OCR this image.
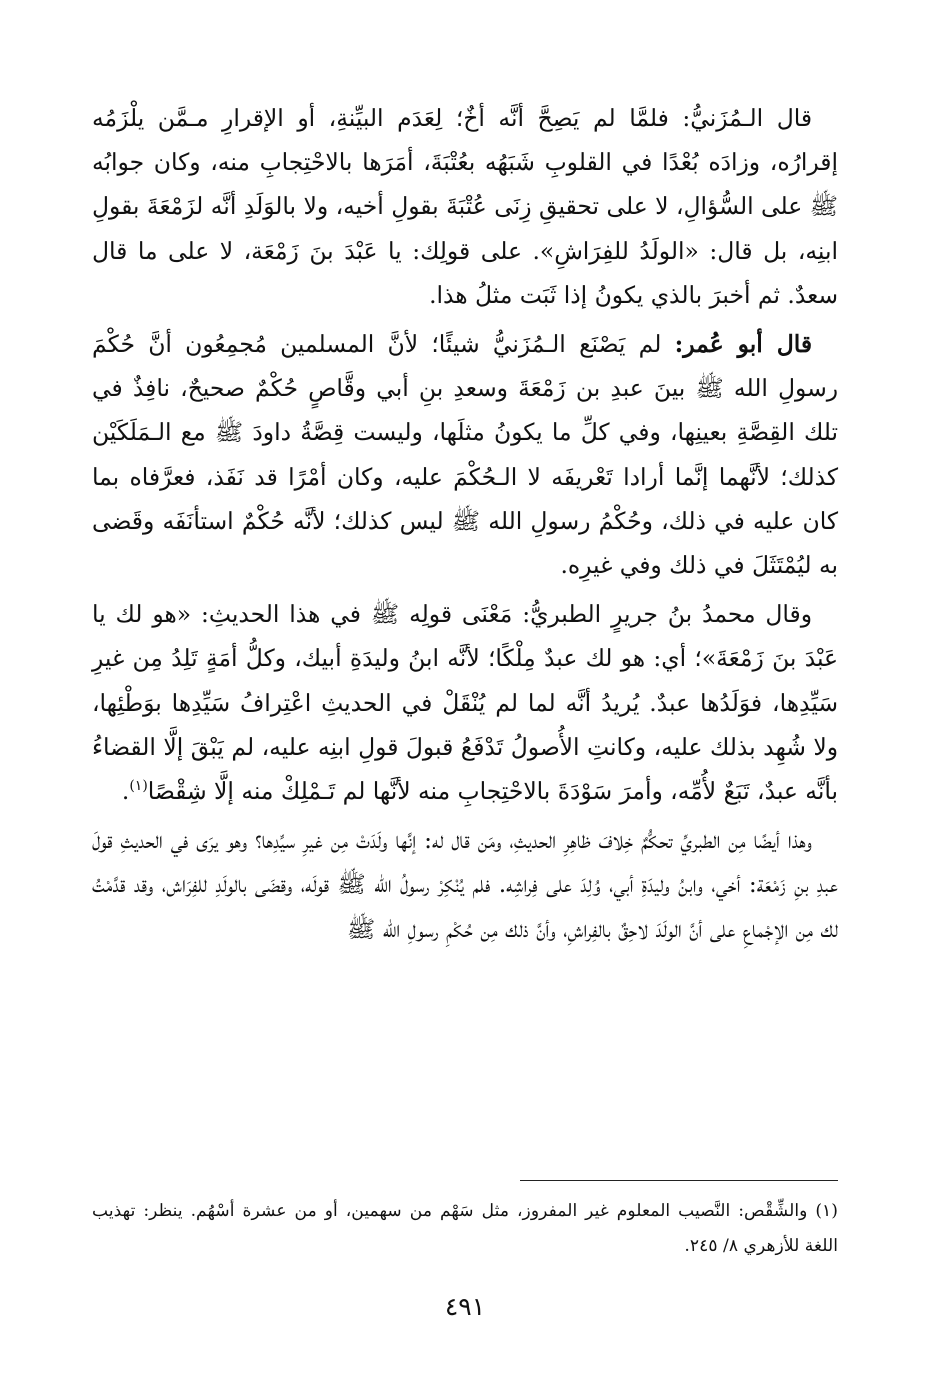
قال الـمُزَنيُّ: فلمَّا لم يَصِحَّ أنَّه أخٌ؛ لِعَدَم البيِّنةِ، أو الإقرارِ مـمَّن يلْزَمُه إقرارُه، وزادَه بُعْدًا في القلوبِ شَبَهُه بعُتْبَةَ، أمَرَها بالاحْتِجابِ منه، وكان جوابُه ﷺ على السُّؤالِ، لا على تحقيقِ زِنَى عُتْبَةَ بقولِ أخيه، ولا بالوَلَدِ أنَّه لزَمْعَةَ بقولِ ابنِه، بل قال: «الولَدُ للفِرَاشِ». على قولِك: يا عَبْدَ بنَ زَمْعَة، لا على ما قال سعدٌ. ثم أخبرَ بالذي يكونُ إذا ثَبَت مثلُ هذا.

قال أبو عُمر: لم يَصْنَع الـمُزَنيُّ شيئًا؛ لأنَّ المسلمين مُجمِعُون أنَّ حُكْمَ رسولِ الله ﷺ بينَ عبدِ بن زَمْعَةَ وسعدِ بنِ أبي وقَّاصٍ حُكْمٌ صحيحٌ، نافِذٌ في تلك القِصَّةِ بعينِها، وفي كلِّ ما يكونُ مثلَها، وليست قِصَّةُ داودَ ﷺ مع الـمَلَكَيْن كذلك؛ لأنَّهما إنَّما أرادا تَعْريفَه لا الـحُكْمَ عليه، وكان أمْرًا قد نَفَذ، فعرَّفاه بما كان عليه في ذلك، وحُكْمُ رسولِ الله ﷺ ليس كذلك؛ لأنَّه حُكْمٌ استأنَفَه وقَضى به ليُمْتَثَلَ في ذلك وفي غيرِه.

وقال محمدُ بنُ جريرٍ الطبريُّ: مَعْنَى قولِه ﷺ في هذا الحديثِ: «هو لك يا عَبْدَ بنَ زَمْعَةَ»؛ أي: هو لك عبدٌ مِلْكًا؛ لأنَّه ابنُ وليدَةِ أبيك، وكلُّ أمَةٍ تَلِدُ مِن غيرِ سَيِّدِها، فوَلَدُها عبدٌ. يُريدُ أنَّه لما لم يُنْقَلْ في الحديثِ اعْتِرافُ سَيِّدِها بوَطْئِها، ولا شُهِد بذلك عليه، وكانتِ الأُصولُ تَدْفَعُ قبولَ قولِ ابنِه عليه، لم يَبْقَ إلَّا القضاءُ بأنَّه عبدٌ، تَبَعٌ لأُمِّه، وأمرَ سَوْدَةَ بالاحْتِجابِ منه لأنَّها لم تَـمْلِكْ منه إلَّا شِقْصًا$^{(١)}$.

وهذا أيضًا مِن الطبريِّ تحكُّمٌ خِلافَ ظاهِرِ الحديثِ، ومَن قال له: إنَّها ولَدَتْ مِن غيرِ سيِّدِها؟ وهو يرَى في الحديثِ قولَ عبدِ بنِ زَمْعَة: أخي، وابنُ وليدَةِ أبي، وُلِدَ على فِراشِه. فلم يُنْكِرْ رسولُ الله ﷺ قولَه، وقضَى بالولَدِ للفِرَاش، وقد قدَّمْتُ لك مِن الإجْماعِ على أنَّ الولَدَ لاحِقٌ بالفِراشِ، وأنَّ ذلك مِن حُكْمِ رسولِ الله ﷺ

(١) والشِّقْص: النَّصيب المعلوم غير المفروز، مثل سَهْم من سهمين، أو من عشرة أسْهُم. ينظر: تهذيب اللغة للأزهري ٨/ ٢٤٥.

٤٩١
